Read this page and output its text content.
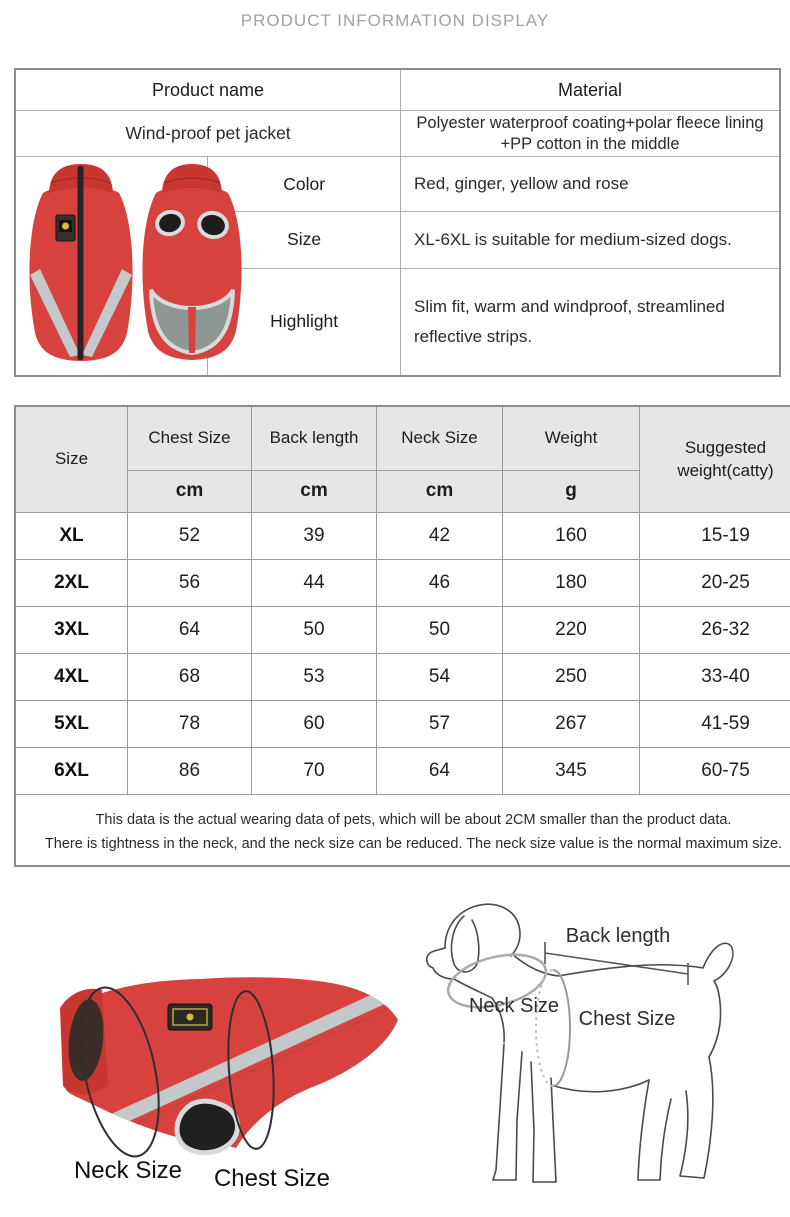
PRODUCT INFORMATION DISPLAY
Product name		Material
Wind-proof pet jacket		Polyester waterproof coating+polar fleece lining +PP cotton in the middle
	Color	Red, ginger, yellow and rose
	Size	XL-6XL is suitable for medium-sized dogs.
	Highlight	Slim fit, warm and windproof, streamlined reflective strips.
Size	Chest Size	Back length	Neck Size	Weight	Suggested weight(catty)
	cm	cm	cm	g	
XL	52	39	42	160	15-19
2XL	56	44	46	180	20-25
3XL	64	50	50	220	26-32
4XL	68	53	54	250	33-40
5XL	78	60	57	267	41-59
6XL	86	70	64	345	60-75

This data is the actual wearing data of pets, which will be about 2CM smaller than the product data.
There is tightness in the neck, and the neck size can be reduced. The neck size value is the normal maximum size.					
Neck Size Chest Size
Back length
Neck Size
Chest Size
